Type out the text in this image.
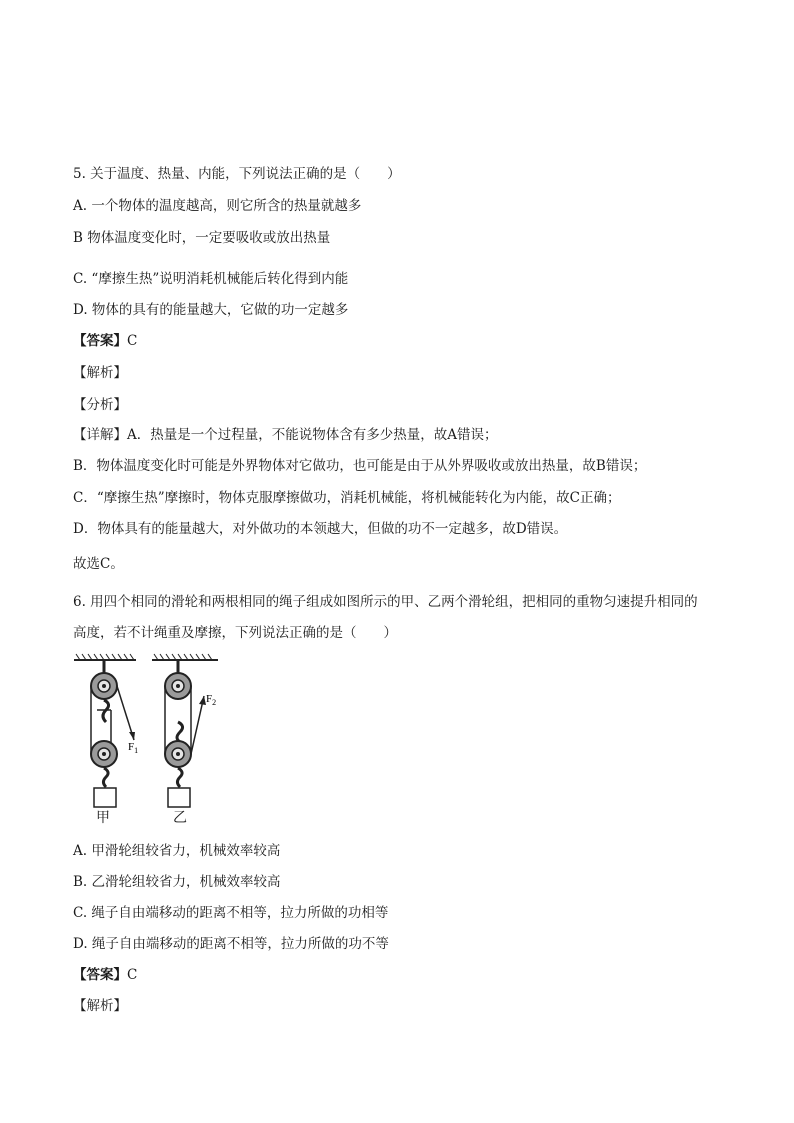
5. 关于温度、热量、内能，下列说法正确的是（　　）

A. 一个物体的温度越高，则它所含的热量就越多

B 物体温度变化时，一定要吸收或放出热量

C. “摩擦生热”说明消耗机械能后转化得到内能

D. 物体的具有的能量越大，它做的功一定越多

【答案】C

【解析】

【分析】

【详解】A．热量是一个过程量，不能说物体含有多少热量，故A错误；

B．物体温度变化时可能是外界物体对它做功，也可能是由于从外界吸收或放出热量，故B错误；

C．“摩擦生热”摩擦时，物体克服摩擦做功，消耗机械能，将机械能转化为内能，故C正确；

D．物体具有的能量越大，对外做功的本领越大，但做的功不一定越多，故D错误。

故选C。

6. 用四个相同的滑轮和两根相同的绳子组成如图所示的甲、乙两个滑轮组，把相同的重物匀速提升相同的

高度，若不计绳重及摩擦，下列说法正确的是（　　）

$F_1$
$F_2$
甲	乙

A. 甲滑轮组较省力，机械效率较高

B. 乙滑轮组较省力，机械效率较高

C. 绳子自由端移动的距离不相等，拉力所做的功相等

D. 绳子自由端移动的距离不相等，拉力所做的功不等

【答案】C

【解析】
